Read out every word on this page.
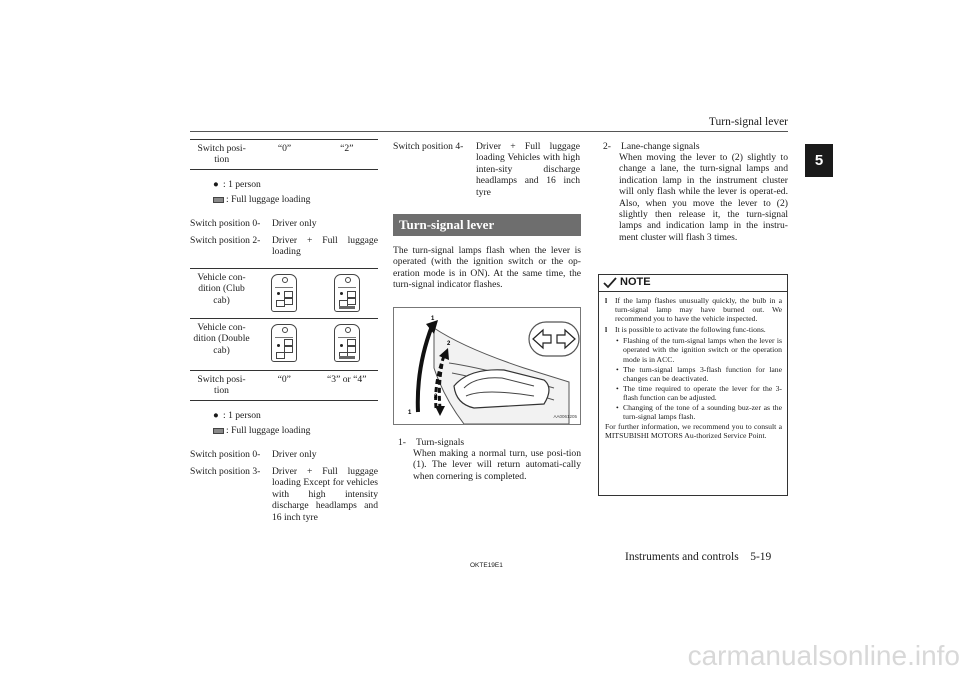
Turn-signal lever
5
Switch posi-tion	“0”	“2”
● : 1 person
: Full luggage loading
Switch position 0-	Driver only
Switch position 2-	Driver + Full luggage loading
Vehicle con-dition (Club cab)	

Vehicle con-dition (Double cab)	

Switch posi-tion	“0”	“3” or “4”
● : 1 person
: Full luggage loading
Switch position 0-	Driver only
Switch position 3-	Driver + Full luggage loading Except for vehicles with high intensity discharge headlamps and 16 inch tyre
Switch position 4-	Driver + Full luggage loading Vehicles with high inten-sity discharge headlamps and 16 inch tyre
Turn-signal lever
The turn-signal lamps flash when the lever is operated (with the ignition switch or the op-eration mode is in ON). At the same time, the turn-signal indicator flashes.
1
2
2
1
AA0061205
1- Turn-signals
When making a normal turn, use posi-tion (1). The lever will return automati-cally when cornering is completed.
2- Lane-change signals
When moving the lever to (2) slightly to change a lane, the turn-signal lamps and indication lamp in the instrument cluster will only flash while the lever is operat-ed. Also, when you move the lever to (2) slightly then release it, the turn-signal lamps and indication lamp in the instru-ment cluster will flash 3 times.
NOTE
l If the lamp flashes unusually quickly, the bulb in a turn-signal lamp may have burned out. We recommend you to have the vehicle inspected.
l It is possible to activate the following func-tions.
• Flashing of the turn-signal lamps when the lever is operated with the ignition switch or the operation mode is in ACC.
• The turn-signal lamps 3-flash function for lane changes can be deactivated.
• The time required to operate the lever for the 3-flash function can be adjusted.
• Changing of the tone of a sounding buz-zer as the turn-signal lamps flash.
For further information, we recommend you to consult a MITSUBISHI MOTORS Au-thorized Service Point.
OKTE19E1
Instruments and controls 5-19
carmanualsonline.info
